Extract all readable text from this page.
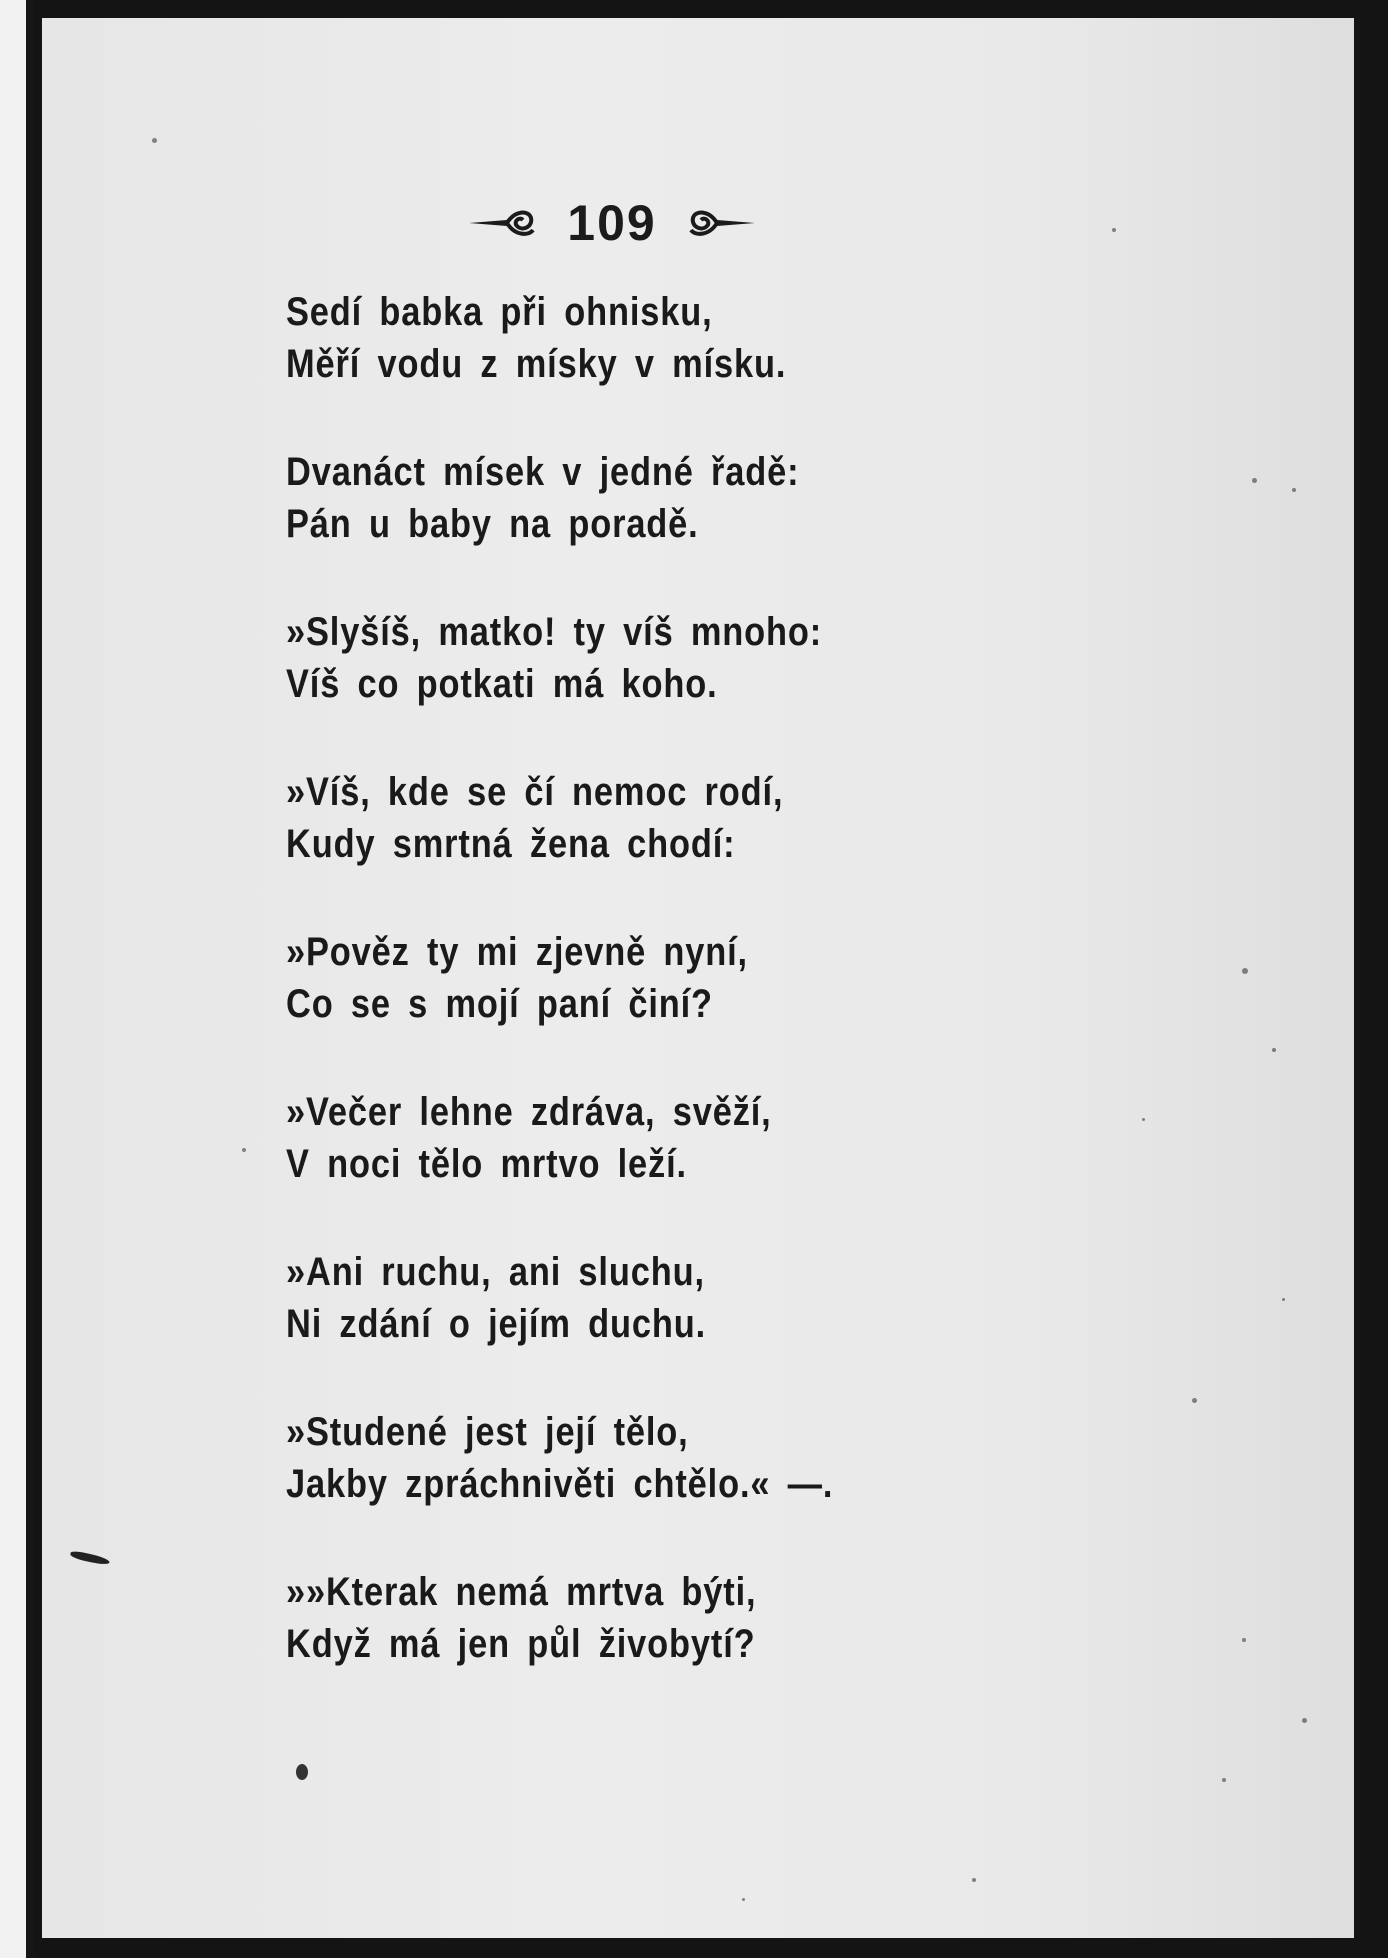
109
Sedí babka při ohnisku,
Měří vodu z mísky v mísku.
Dvanáct mísek v jedné řadě:
Pán u baby na poradě.
»Slyšíš, matko! ty víš mnoho:
Víš co potkati má koho.
»Víš, kde se čí nemoc rodí,
Kudy smrtná žena chodí:
»Pověz ty mi zjevně nyní,
Co se s mojí paní činí?
»Večer lehne zdráva, svěží,
V noci tělo mrtvo leží.
»Ani ruchu, ani sluchu,
Ni zdání o jejím duchu.
»Studené jest její tělo,
Jakby zpráchnivěti chtělo.« —.
»»Kterak nemá mrtva býti,
Když má jen půl živobytí?
